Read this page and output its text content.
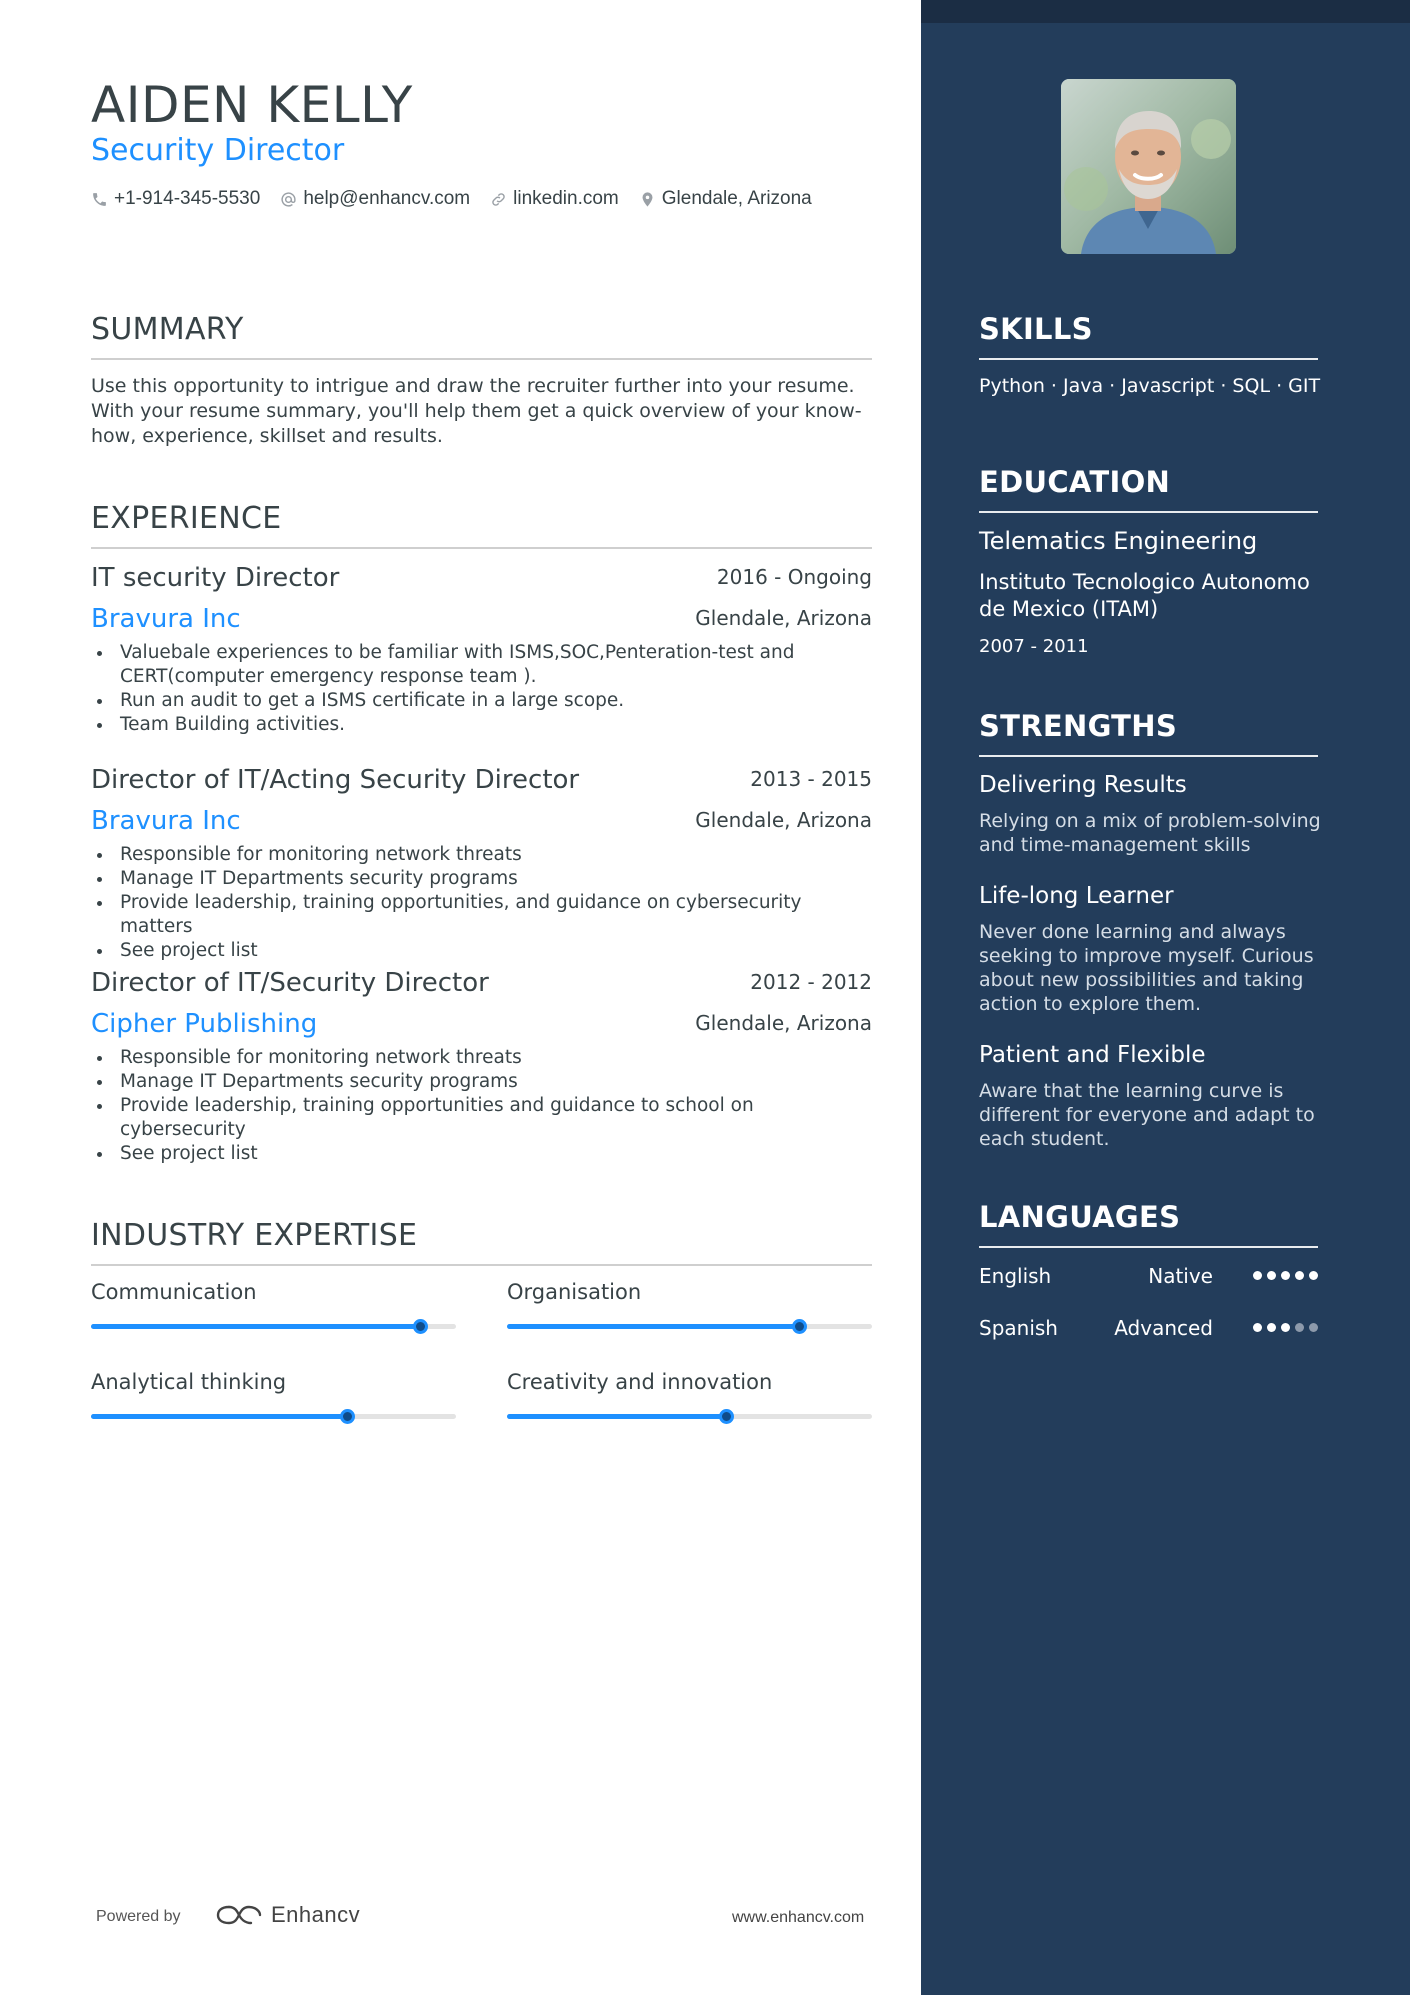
AIDEN KELLY
Security Director
+1-914-345-5530 help@enhancv.com linkedin.com Glendale, Arizona
SUMMARY

Use this opportunity to intrigue and draw the recruiter further into your resume. With your resume summary, you'll help them get a quick overview of your know-how, experience, skillset and results.

EXPERIENCE
IT security Director	2016 - Ongoing
Bravura Inc	Glendale, Arizona
Valuebale experiences to be familiar with ISMS,SOC,Penteration-test and CERT(computer emergency response team ).
Run an audit to get a ISMS certificate in a large scope.
Team Building activities.
Director of IT/Acting Security Director	2013 - 2015
Bravura Inc	Glendale, Arizona
Responsible for monitoring network threats
Manage IT Departments security programs
Provide leadership, training opportunities, and guidance on cybersecurity matters
See project list
Director of IT/Security Director	2012 - 2012
Cipher Publishing	Glendale, Arizona
Responsible for monitoring network threats
Manage IT Departments security programs
Provide leadership, training opportunities and guidance to school on cybersecurity
See project list
INDUSTRY EXPERTISE
Communication	Organisation
Analytical thinking	Creativity and innovation
Powered by	Enhancv	www.enhancv.com
SKILLS
Python · Java · Javascript · SQL · GIT
EDUCATION
Telematics Engineering
Instituto Tecnologico Autonomo de Mexico (ITAM)
2007 - 2011
STRENGTHS
Delivering Results
Relying on a mix of problem-solving and time-management skills
Life-long Learner
Never done learning and always seeking to improve myself. Curious about new possibilities and taking action to explore them.
Patient and Flexible
Aware that the learning curve is different for everyone and adapt to each student.
LANGUAGES
English	Native
Spanish	Advanced
